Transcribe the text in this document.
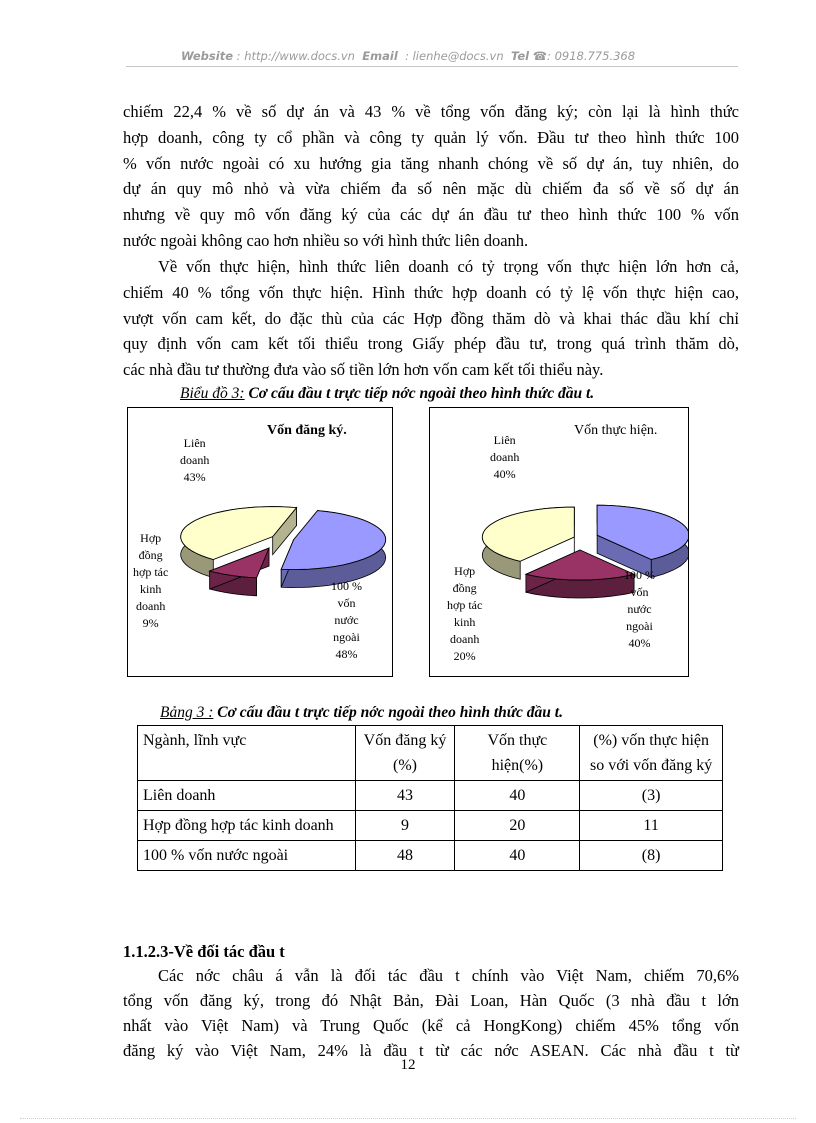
Website : http://www.docs.vn Email : lienhe@docs.vn Tel ☎: 0918.775.368

chiếm 22,4 % về số dự án và 43 % về tổng vốn đăng ký; còn lại là hình thức
hợp doanh, công ty cổ phần và công ty quản lý vốn. Đầu tư theo hình thức 100
% vốn nước ngoài có xu hướng gia tăng nhanh chóng về số dự án, tuy nhiên, do
dự án quy mô nhỏ và vừa chiếm đa số nên mặc dù chiếm đa số về số dự án
nhưng về quy mô vốn đăng ký của các dự án đầu tư theo hình thức 100 % vốn
nước ngoài không cao hơn nhiều so với hình thức liên doanh.

Về vốn thực hiện, hình thức liên doanh có tỷ trọng vốn thực hiện lớn hơn cả,
chiếm 40 % tổng vốn thực hiện. Hình thức hợp doanh có tỷ lệ vốn thực hiện cao,
vượt vốn cam kết, do đặc thù của các Hợp đồng thăm dò và khai thác dầu khí chỉ
quy định vốn cam kết tối thiểu trong Giấy phép đầu tư, trong quá trình thăm dò,
các nhà đầu tư thường đưa vào số tiền lớn hơn vốn cam kết tối thiểu này.

Biểu đồ 3: Cơ cấu đầu t trực tiếp nớc ngoài theo hình thức đầu t.
Vốn đăng ký.
Liên
doanh
43%
Hợp
đồng
hợp tác
kinh
doanh
9%
100 %
vốn
nước
ngoài
48%
Vốn thực hiện.
Liên
doanh
40%
Hợp
đồng
hợp tác
kinh
doanh
20%
100 %
vốn
nước
ngoài
40%
Bảng 3 : Cơ cấu đầu t trực tiếp nớc ngoài theo hình thức đầu t.
Ngành, lĩnh vực	Vốn đăng ký (%)	Vốn thực hiện(%)	(%) vốn thực hiện so với vốn đăng ký
Liên doanh	43	40	(3)
Hợp đồng hợp tác kinh doanh	9	20	11
100 % vốn nước ngoài	48	40	(8)
1.1.2.3-Về đối tác đầu t

Các nớc châu á vẫn là đối tác đầu t chính vào Việt Nam, chiếm 70,6%
tổng vốn đăng ký, trong đó Nhật Bản, Đài Loan, Hàn Quốc (3 nhà đầu t lớn
nhất vào Việt Nam) và Trung Quốc (kể cả HongKong) chiếm 45% tổng vốn
đăng ký vào Việt Nam, 24% là đầu t từ các nớc ASEAN. Các nhà đầu t từ

12
